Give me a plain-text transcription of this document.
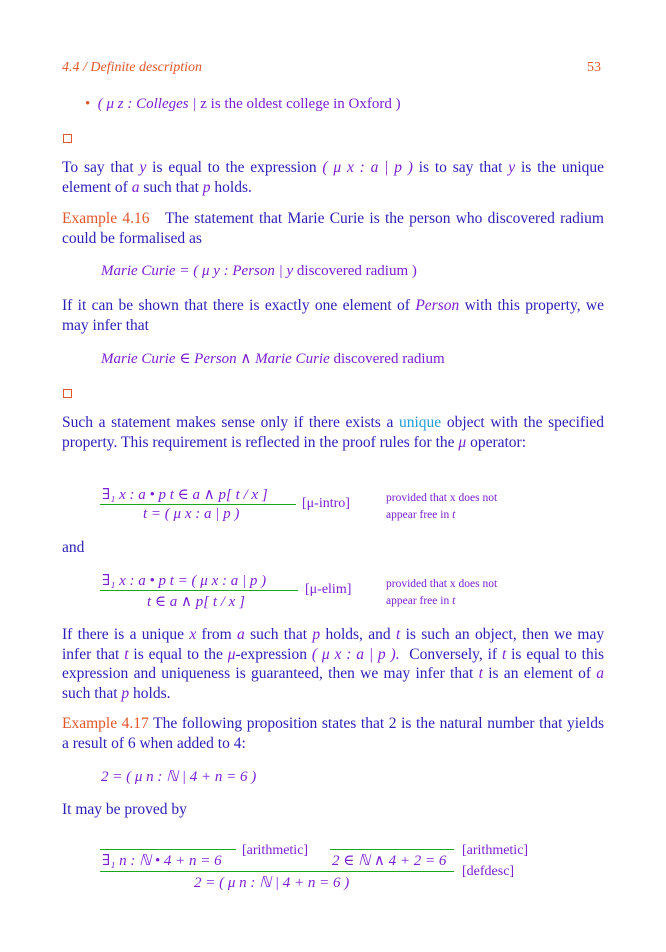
4.4 / Definite description	53
• ( μ z : Colleges | z is the oldest college in Oxford )
To say that y is equal to the expression ( μ x : a | p ) is to say that y is the unique element of a such that p holds.
Example 4.16 The statement that Marie Curie is the person who discovered radium could be formalised as
Marie Curie = ( μ y : Person | y discovered radium )
If it can be shown that there is exactly one element of Person with this property, we may infer that
Marie Curie ∈ Person ∧ Marie Curie discovered radium
Such a statement makes sense only if there exists a unique object with the specified property. This requirement is reflected in the proof rules for the μ operator:
∃₁ x : a • p t ∈ a ∧ p[ t / x ]
t = ( μ x : a | p )
[μ-intro]	provided that x does not
appear free in t
and
∃₁ x : a • p t = ( μ x : a | p )
t ∈ a ∧ p[ t / x ]
[μ-elim]	provided that x does not
appear free in t
If there is a unique x from a such that p holds, and t is such an object, then we may infer that t is equal to the μ-expression ( μ x : a | p ). Conversely, if t is equal to this expression and uniqueness is guaranteed, then we may infer that t is an element of a such that p holds.
Example 4.17 The following proposition states that 2 is the natural number that yields a result of 6 when added to 4:
2 = ( μ n : ℕ | 4 + n = 6 )
It may be proved by
∃₁ n : ℕ • 4 + n = 6
[arithmetic]
2 ∈ ℕ ∧ 4 + 2 = 6
[arithmetic]
2 = ( μ n : ℕ | 4 + n = 6 )
[defdesc]
